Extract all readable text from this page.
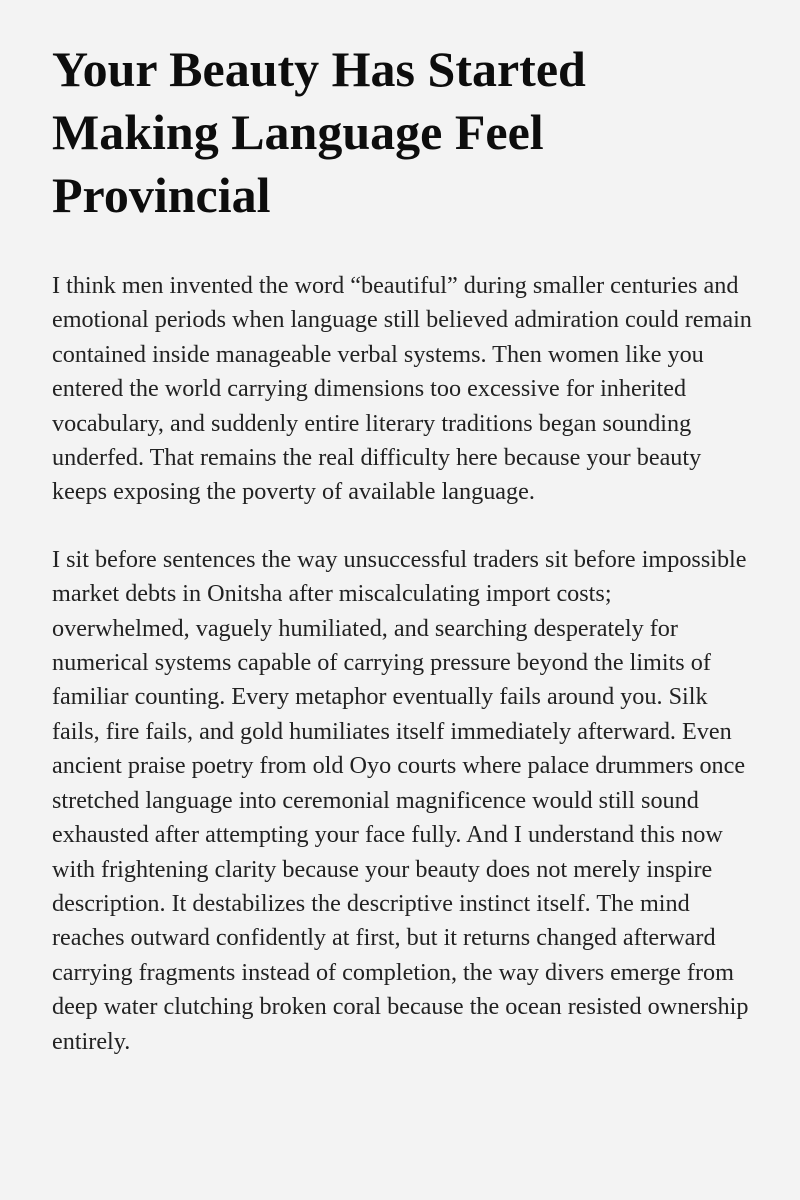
Your Beauty Has Started Making Language Feel Provincial

I think men invented the word “beautiful” during smaller centuries and emotional periods when language still believed admiration could remain contained inside manageable verbal systems. Then women like you entered the world carrying dimensions too excessive for inherited vocabulary, and suddenly entire literary traditions began sounding underfed. That remains the real difficulty here because your beauty keeps exposing the poverty of available language.

I sit before sentences the way unsuccessful traders sit before impossible market debts in Onitsha after miscalculating import costs; overwhelmed, vaguely humiliated, and searching desperately for numerical systems capable of carrying pressure beyond the limits of familiar counting. Every metaphor eventually fails around you. Silk fails, fire fails, and gold humiliates itself immediately afterward. Even ancient praise poetry from old Oyo courts where palace drummers once stretched language into ceremonial magnificence would still sound exhausted after attempting your face fully. And I understand this now with frightening clarity because your beauty does not merely inspire description. It destabilizes the descriptive instinct itself. The mind reaches outward confidently at first, but it returns changed afterward carrying fragments instead of completion, the way divers emerge from deep water clutching broken coral because the ocean resisted ownership entirely.
